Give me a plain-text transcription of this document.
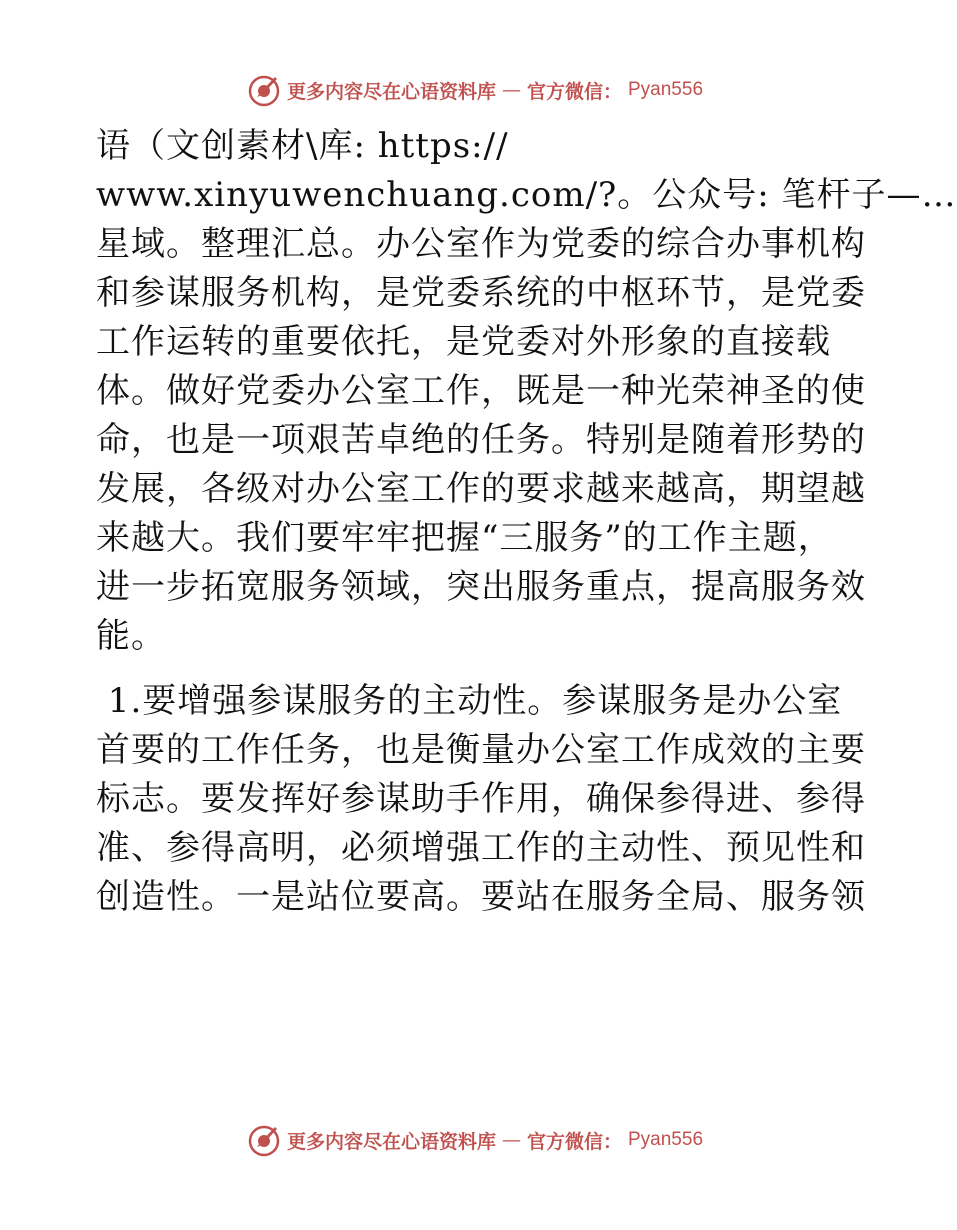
更多内容尽在心语资料库 — 官方微信： Pyan556
语（文创素材\库: https://
www.xinyuwenchuang.com/?。公众号: 笔杆子—…
星域。整理汇总。办公室作为党委的综合办事机构
和参谋服务机构，是党委系统的中枢环节，是党委
工作运转的重要依托，是党委对外形象的直接载
体。做好党委办公室工作，既是一种光荣神圣的使
命，也是一项艰苦卓绝的任务。特别是随着形势的
发展，各级对办公室工作的要求越来越高，期望越
来越大。我们要牢牢把握“三服务”的工作主题，
进一步拓宽服务领域，突出服务重点，提高服务效
能。
1.要增强参谋服务的主动性。参谋服务是办公室
首要的工作任务，也是衡量办公室工作成效的主要
标志。要发挥好参谋助手作用，确保参得进、参得
准、参得高明，必须增强工作的主动性、预见性和
创造性。一是站位要高。要站在服务全局、服务领
更多内容尽在心语资料库 — 官方微信： Pyan556
